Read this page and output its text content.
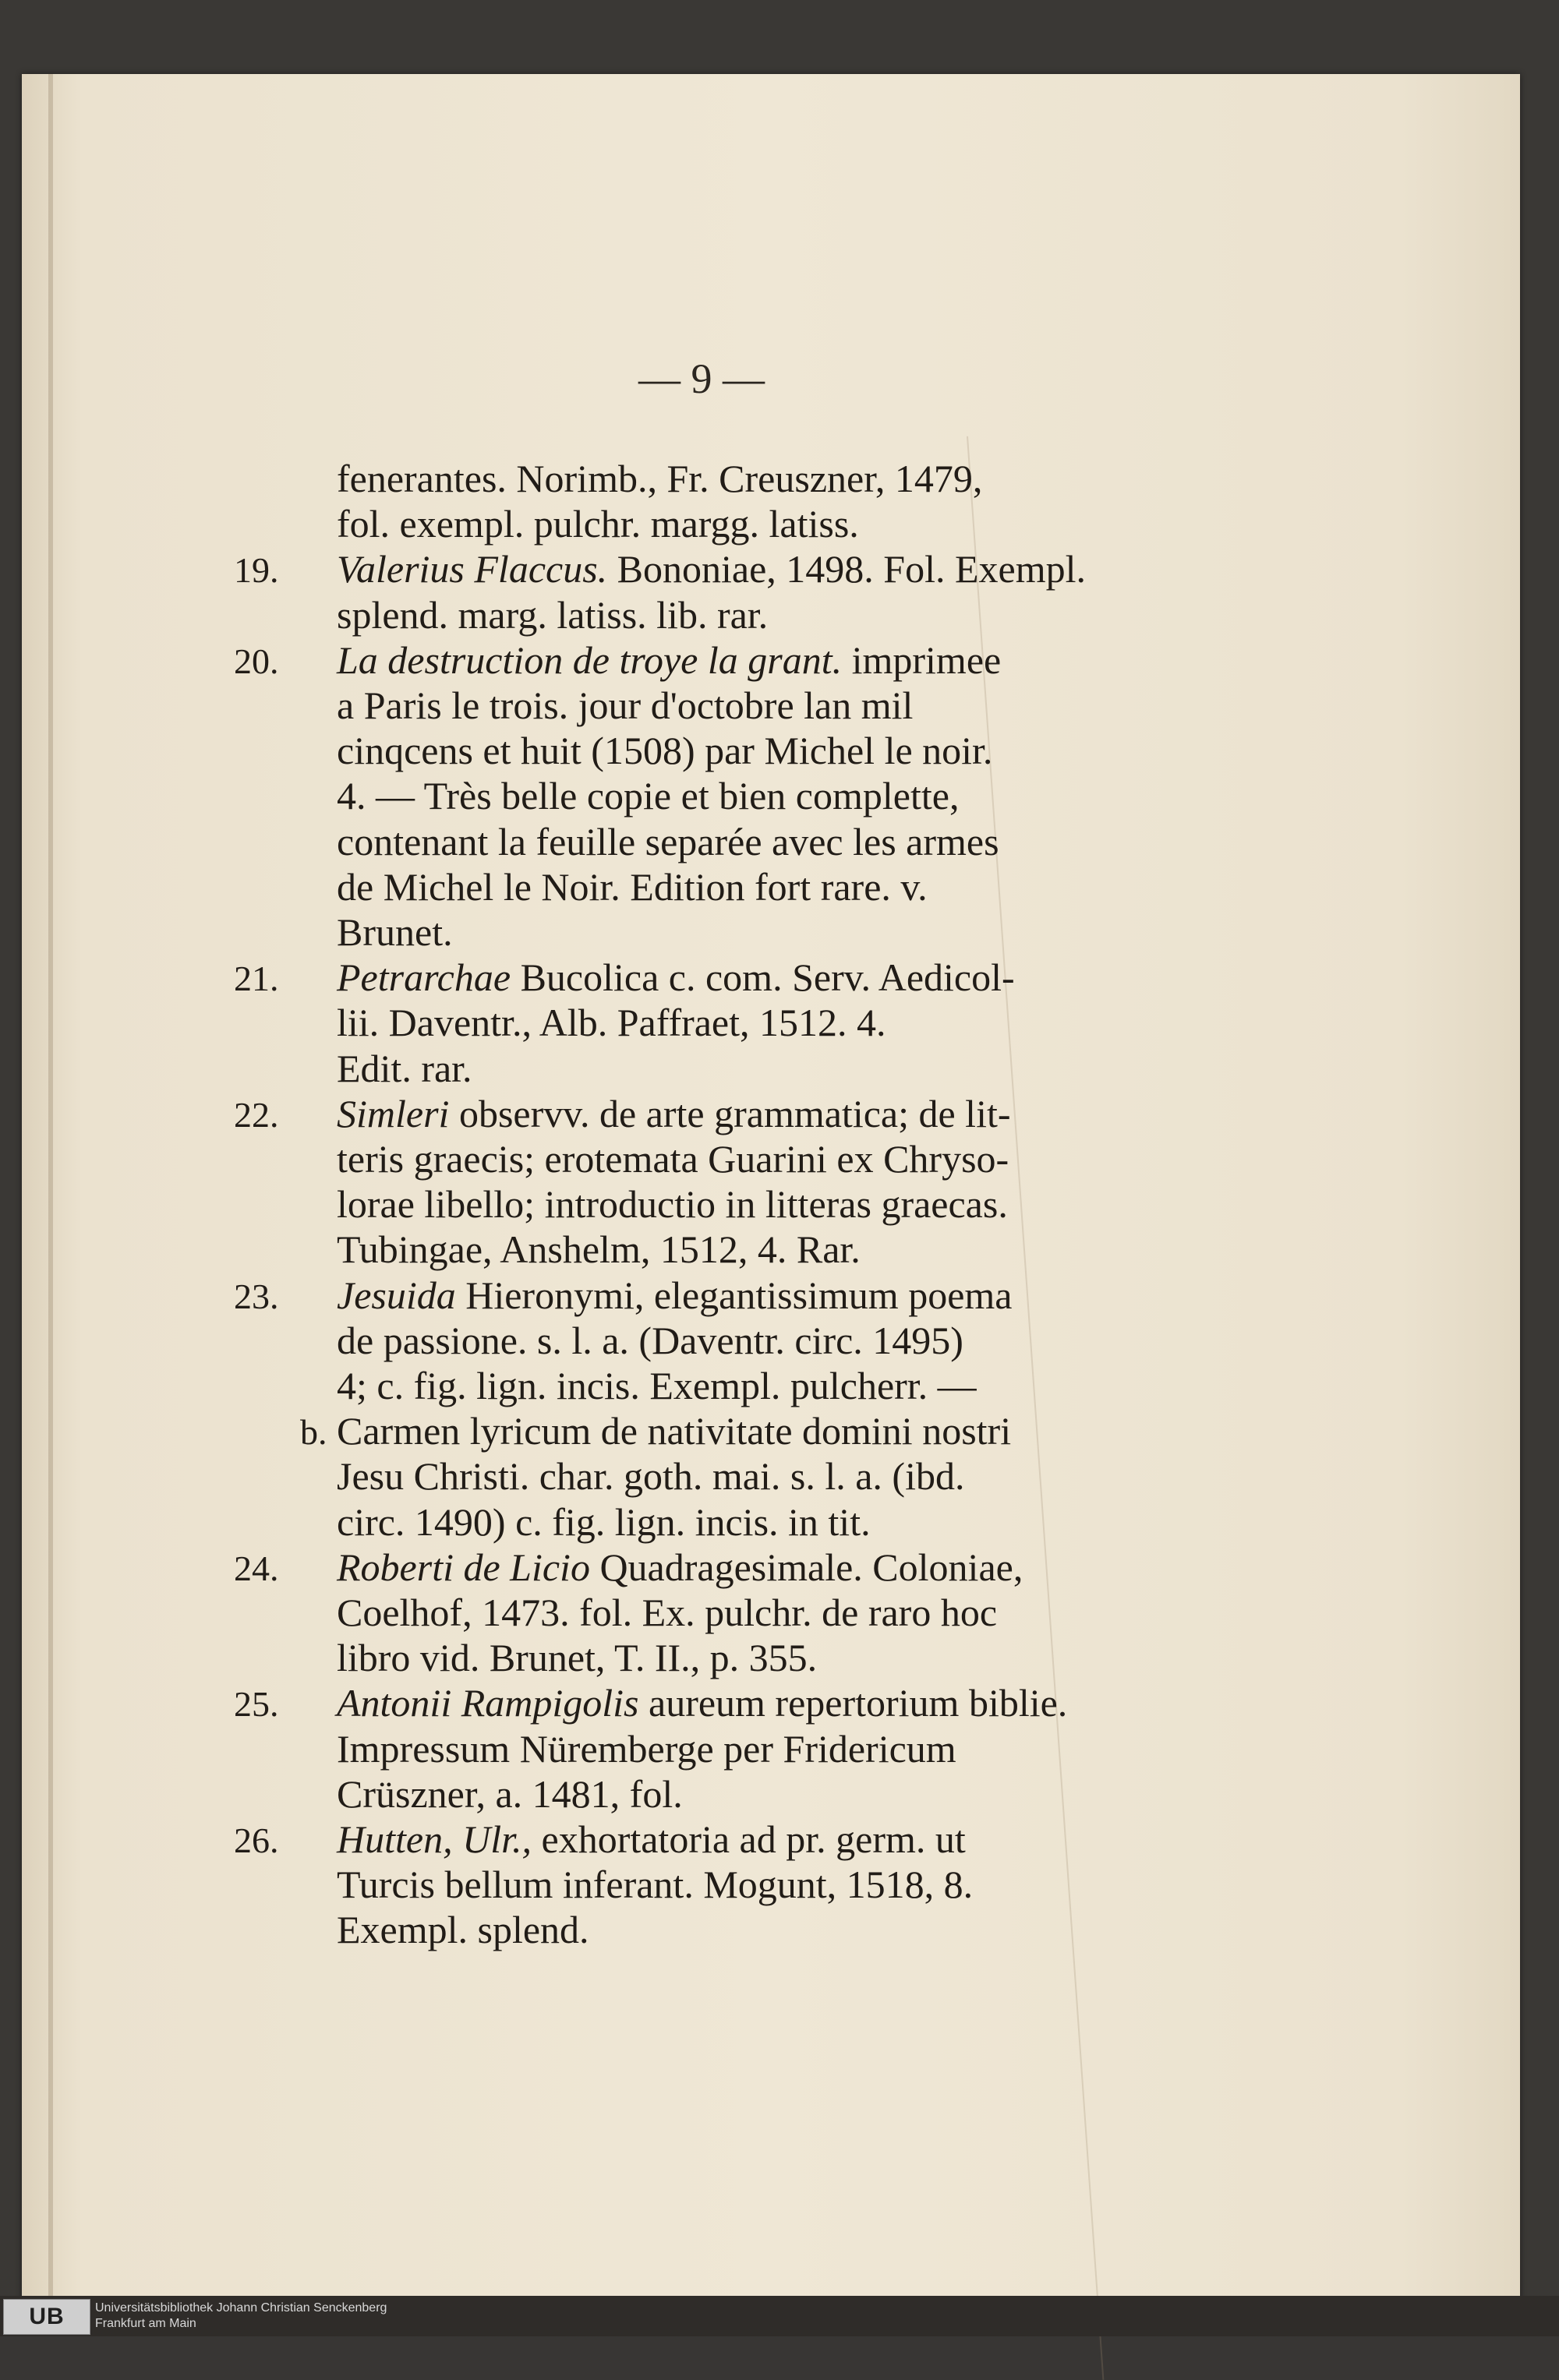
— 9 —
fenerantes. Norimb., Fr. Creuszner, 1479,
fol. exempl. pulchr. margg. latiss.
19. Valerius Flaccus. Bononiae, 1498. Fol. Exempl.
splend. marg. latiss. lib. rar.
20. La destruction de troye la grant. imprimee
a Paris le trois. jour d'octobre lan mil
cinqcens et huit (1508) par Michel le noir.
4. — Très belle copie et bien complette,
contenant la feuille separée avec les armes
de Michel le Noir. Edition fort rare. v.
Brunet.
21. Petrarchae Bucolica c. com. Serv. Aedicol-
lii. Daventr., Alb. Paffraet, 1512. 4.
Edit. rar.
22. Simleri observv. de arte grammatica; de lit-
teris graecis; erotemata Guarini ex Chryso-
lorae libello; introductio in litteras graecas.
Tubingae, Anshelm, 1512, 4. Rar.
23. Jesuida Hieronymi, elegantissimum poema
de passione. s. l. a. (Daventr. circ. 1495)
4; c. fig. lign. incis. Exempl. pulcherr. —
b. Carmen lyricum de nativitate domini nostri
Jesu Christi. char. goth. mai. s. l. a. (ibd.
circ. 1490) c. fig. lign. incis. in tit.
24. Roberti de Licio Quadragesimale. Coloniae,
Coelhof, 1473. fol. Ex. pulchr. de raro hoc
libro vid. Brunet, T. II., p. 355.
25. Antonii Rampigolis aureum repertorium biblie.
Impressum Nüremberge per Fridericum
Crüszner, a. 1481, fol.
26. Hutten, Ulr., exhortatoria ad pr. germ. ut
Turcis bellum inferant. Mogunt, 1518, 8.
Exempl. splend.
UB	Universitätsbibliothek Johann Christian Senckenberg
Frankfurt am Main
